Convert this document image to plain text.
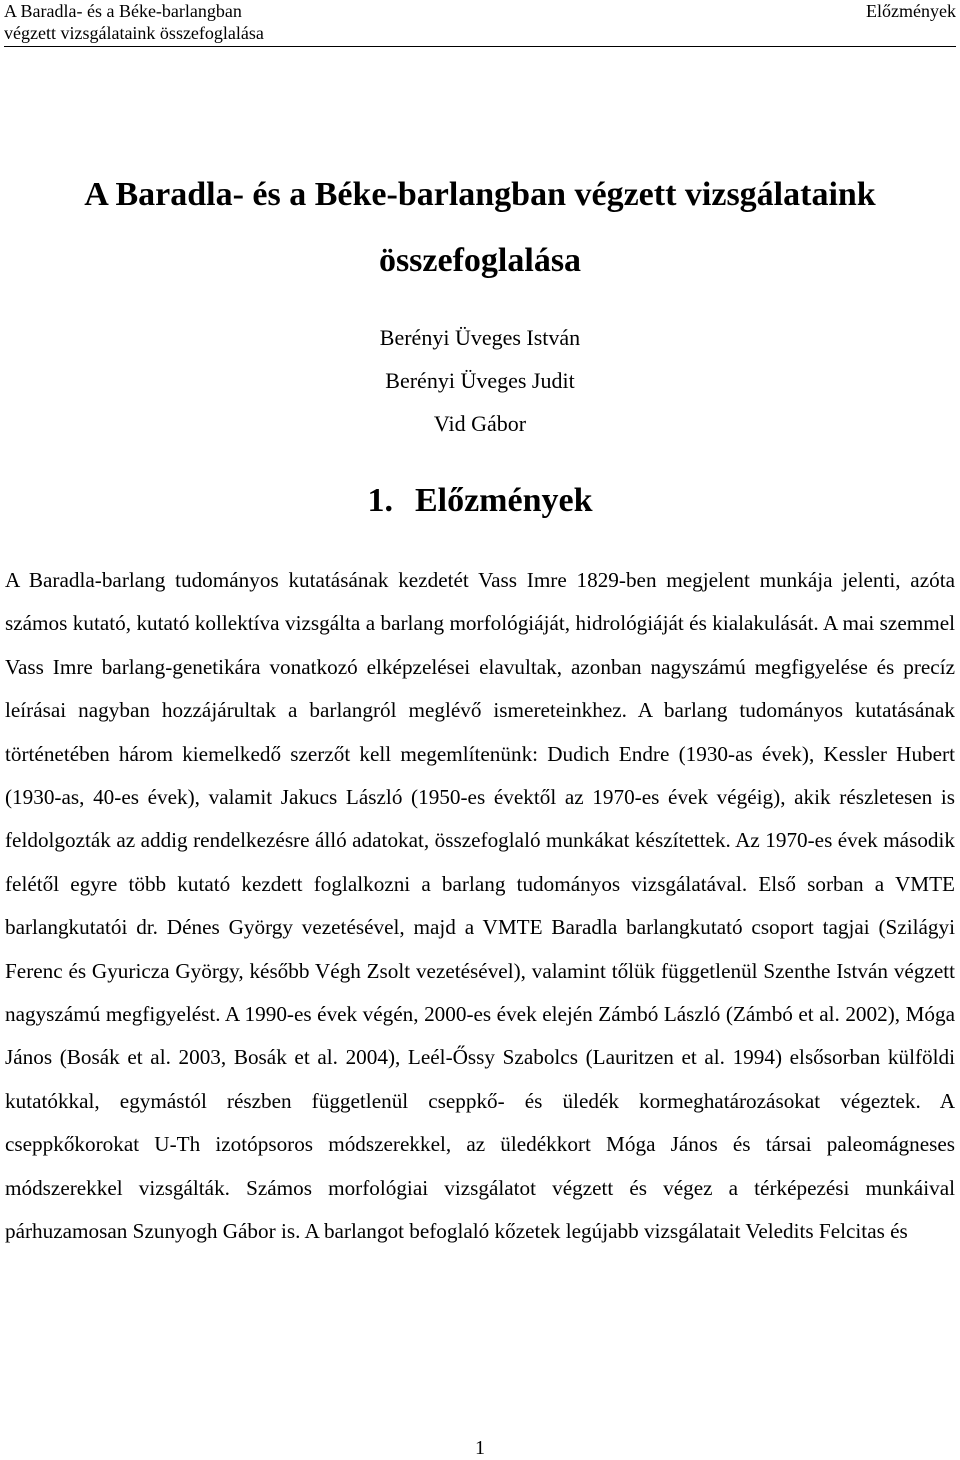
A Baradla- és a Béke-barlangban
végzett vizsgálataink összefoglalása
Előzmények
A Baradla- és a Béke-barlangban végzett vizsgálataink összefoglalása
Berényi Üveges István
Berényi Üveges Judit
Vid Gábor
1. Előzmények

A Baradla-barlang tudományos kutatásának kezdetét Vass Imre 1829-ben megjelent munkája jelenti, azóta számos kutató, kutató kollektíva vizsgálta a barlang morfológiáját, hidrológiáját és kialakulását. A mai szemmel Vass Imre barlang-genetikára vonatkozó elképzelései elavultak, azonban nagyszámú megfigyelése és precíz leírásai nagyban hozzájárultak a barlangról meglévő ismereteinkhez. A barlang tudományos kutatásának történetében három kiemelkedő szerzőt kell megemlítenünk: Dudich Endre (1930-as évek), Kessler Hubert (1930-as, 40-es évek), valamit Jakucs László (1950-es évektől az 1970-es évek végéig), akik részletesen is feldolgozták az addig rendelkezésre álló adatokat, összefoglaló munkákat készítettek. Az 1970-es évek második felétől egyre több kutató kezdett foglalkozni a barlang tudományos vizsgálatával. Első sorban a VMTE barlangkutatói dr. Dénes György vezetésével, majd a VMTE Baradla barlangkutató csoport tagjai (Szilágyi Ferenc és Gyuricza György, később Végh Zsolt vezetésével), valamint tőlük függetlenül Szenthe István végzett nagyszámú megfigyelést. A 1990-es évek végén, 2000-es évek elején Zámbó László (Zámbó et al. 2002), Móga János (Bosák et al. 2003, Bosák et al. 2004), Leél-Őssy Szabolcs (Lauritzen et al. 1994) elsősorban külföldi kutatókkal, egymástól részben függetlenül cseppkő- és üledék kormeghatározásokat végeztek. A cseppkőkorokat U-Th izotópsoros módszerekkel, az üledékkort Móga János és társai paleomágneses módszerekkel vizsgálták. Számos morfológiai vizsgálatot végzett és végez a térképezési munkáival párhuzamosan Szunyogh Gábor is. A barlangot befoglaló kőzetek legújabb vizsgálatait Veledits Felcitas és

1
